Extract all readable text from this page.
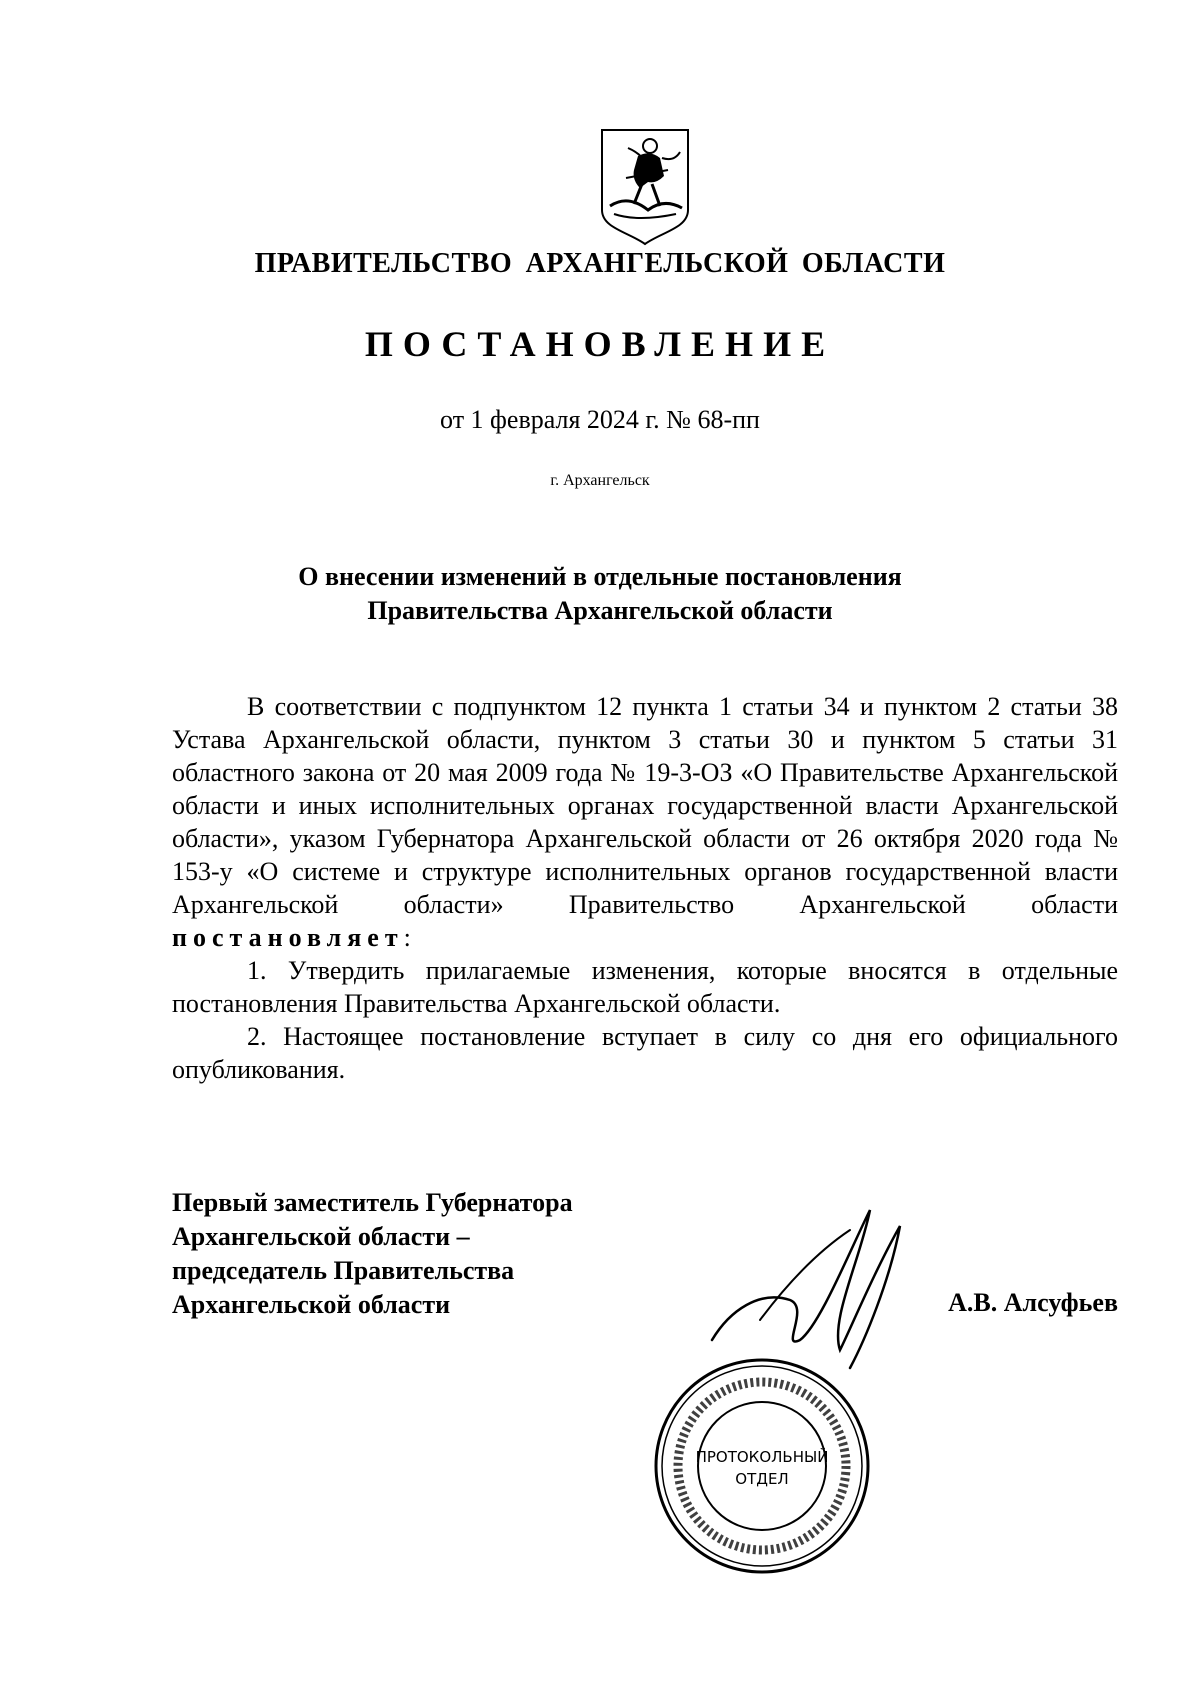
ПРАВИТЕЛЬСТВО АРХАНГЕЛЬСКОЙ ОБЛАСТИ
ПОСТАНОВЛЕНИЕ
от 1 февраля 2024 г. № 68-пп
г. Архангельск
О внесении изменений в отдельные постановления
Правительства Архангельской области

В соответствии с подпунктом 12 пункта 1 статьи 34 и пунктом 2 статьи 38 Устава Архангельской области, пунктом 3 статьи 30 и пунктом 5 статьи 31 областного закона от 20 мая 2009 года № 19-3-ОЗ «О Правительстве Архангельской области и иных исполнительных органах государственной власти Архангельской области», указом Губернатора Архангельской области от 26 октября 2020 года № 153-у «О системе и структуре исполнительных органов государственной власти Архангельской области» Правительство Архангельской области постановляет:

1. Утвердить прилагаемые изменения, которые вносятся в отдельные постановления Правительства Архангельской области.

2. Настоящее постановление вступает в силу со дня его официального опубликования.

Первый заместитель Губернатора
Архангельской области –
председатель Правительства
Архангельской области	А.В. Алсуфьев
ПРОТОКОЛЬНЫЙ
ОТДЕЛ
